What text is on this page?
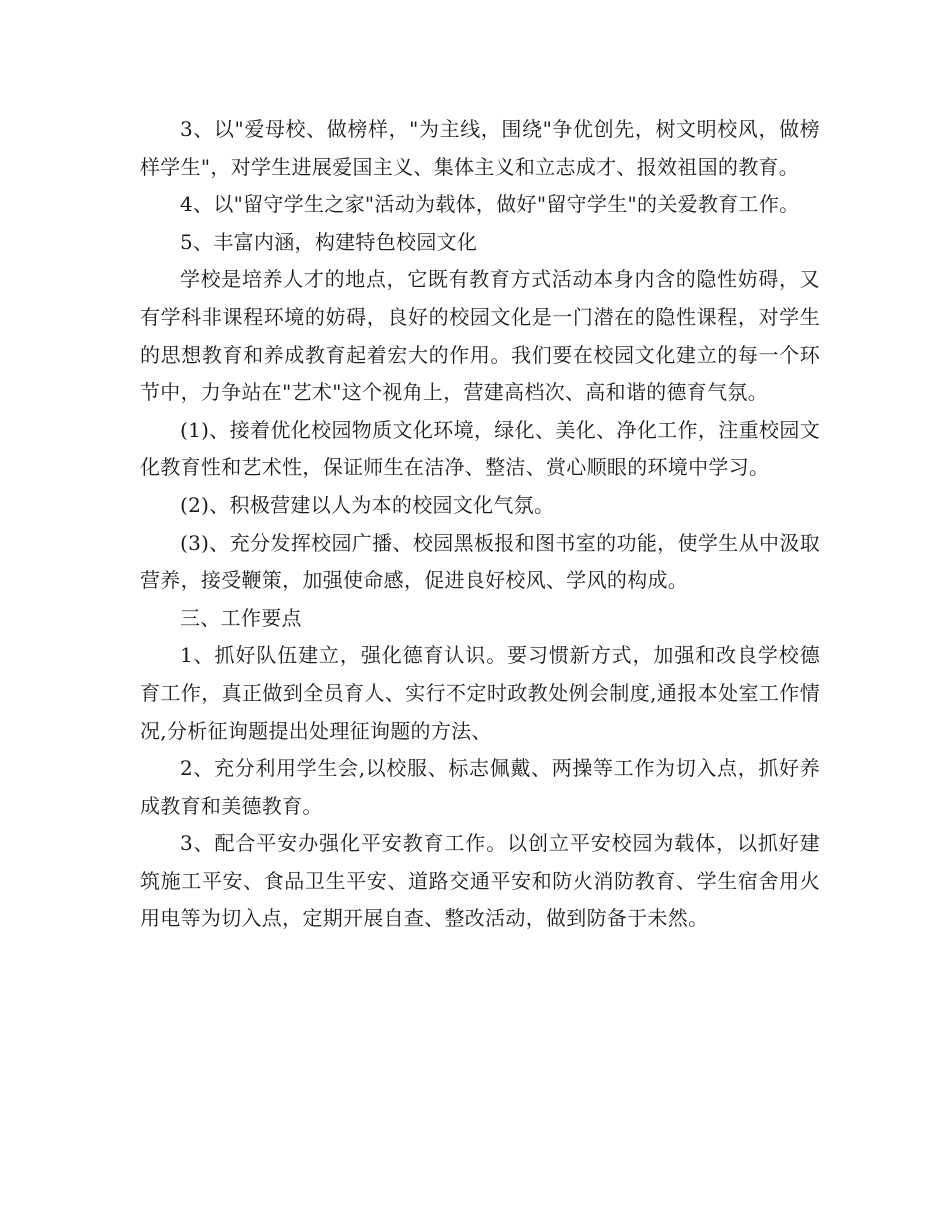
3、以"爱母校、做榜样，"为主线，围绕"争优创先，树文明校风，做榜样学生"，对学生进展爱国主义、集体主义和立志成才、报效祖国的教育。

4、以"留守学生之家"活动为载体，做好"留守学生"的关爱教育工作。

5、丰富内涵，构建特色校园文化

学校是培养人才的地点，它既有教育方式活动本身内含的隐性妨碍，又有学科非课程环境的妨碍，良好的校园文化是一门潜在的隐性课程，对学生的思想教育和养成教育起着宏大的作用。我们要在校园文化建立的每一个环节中，力争站在"艺术"这个视角上，营建高档次、高和谐的德育气氛。

(1)、接着优化校园物质文化环境，绿化、美化、净化工作，注重校园文化教育性和艺术性，保证师生在洁净、整洁、赏心顺眼的环境中学习。

(2)、积极营建以人为本的校园文化气氛。

(3)、充分发挥校园广播、校园黑板报和图书室的功能，使学生从中汲取营养，接受鞭策，加强使命感，促进良好校风、学风的构成。

三、工作要点

1、抓好队伍建立，强化德育认识。要习惯新方式，加强和改良学校德育工作，真正做到全员育人、实行不定时政教处例会制度,通报本处室工作情况,分析征询题提出处理征询题的方法、

2、充分利用学生会,以校服、标志佩戴、两操等工作为切入点，抓好养成教育和美德教育。

3、配合平安办强化平安教育工作。以创立平安校园为载体，以抓好建筑施工平安、食品卫生平安、道路交通平安和防火消防教育、学生宿舍用火用电等为切入点，定期开展自查、整改活动，做到防备于未然。
